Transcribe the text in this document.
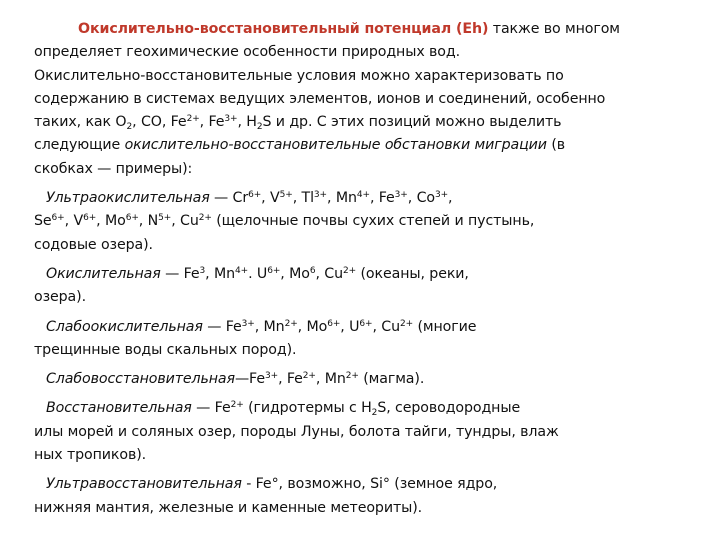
Окислительно-восстановительный потенциал (Eh) также во многом
определяет геохимические особенности природных вод.
Окислительно-восстановительные условия можно характеризовать по
содержанию в системах ведущих элементов, ионов и соединений, особенно
таких, как $O_2$, CO, $Fe^{2+}$, $Fe^{3+}$, $H_2S$ и др. С этих позиций можно выделить
следующие окислительно-восстановительные обстановки миграции (в
скобках — примеры):
Ультраокислительная — $Cr^{6+}$, $V^{5+}$, $Tl^{3+}$, $Mn^{4+}$, $Fe^{3+}$, $Co^{3+}$,
$Se^{6+}$, $V^{6+}$, $Mo^{6+}$, $N^{5+}$, $Cu^{2+}$ (щелочные почвы сухих степей и пустынь,
содовые озера).
Окислительная — Fe$^3$, $Mn^{4+}$. $U^{6+}$, Mo$^6$, $Cu^{2+}$ (океаны, реки,
озера).
Слабоокислительная — $Fe^{3+}$, $Mn^{2+}$, $Mo^{6+}$, $U^{6+}$, $Cu^{2+}$ (многие
трещинные воды скальных пород).
$Слабовосстановительная—Fe^{3+}$, $Fe^{2+}$, $Mn^{2+}$ (магма).
Восстановительная — $Fe^{2+}$ (гидротермы с $H_2S$, сероводородные
илы морей и соляных озер, породы Луны, болота тайги, тундры, влаж
ных тропиков).
Ультравосстановительная - Fe°, возможно, Si° (земное ядро,
нижняя мантия, железные и каменные метеориты).
